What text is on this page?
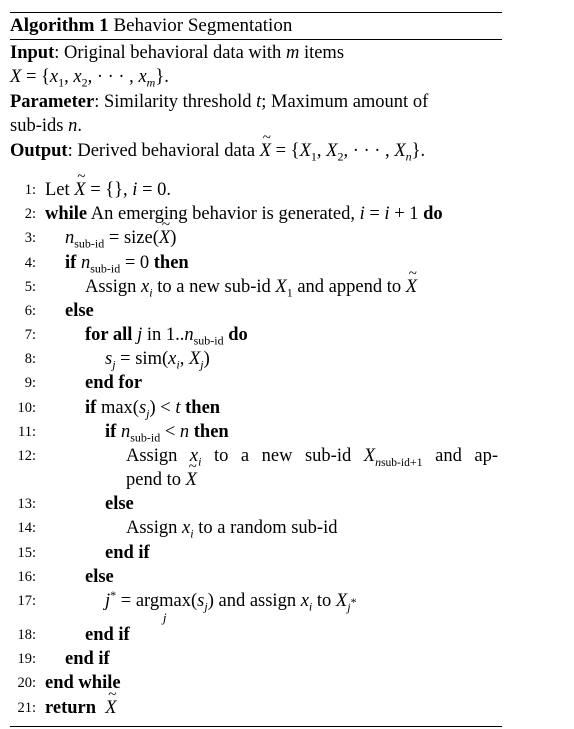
Algorithm 1 Behavior Segmentation
Input: Original behavioral data with m items
$X = \{x_1$, $x_2$, · · · , $x_m$}.
Parameter: Similarity threshold t; Maximum amount of
sub-ids n.
Output: Derived behavioral data ~ $X = \{X_1$, $X_2$, · · · , $X_n$}.
1: Let ~ X = {}, i = 0.
2: while An emerging behavior is generated, i = i + 1 do
3: $n_{sub-id}$ = size(~ X)
4: if $n_{sub-id} = 0$ then
5:	Assign $x_i$ to a new sub-id $X_1$ and append to ~ X
6: else
7:	for all j in $1..n_{sub-id}$ do
8:	$s_j = sim(x_i$, $X_j$)
9:	end for
10:	if $\max(s_j) < t$ then
11:	if $n_{sub-id} < n$ then
12:	Assign $x_i$ to a new sub-id $X_{nsub-id+1}$ and ap-
pend to ~ X
13:	else
14:	Assign $x_i$ to a random sub-id
15:	end if
16:	else
17:	j* = argmax(
j
$s_j$) and assign $x_i$ to $X_{j^*}$
18:	end if
19: end if
20: end while
21: return  ~ X
